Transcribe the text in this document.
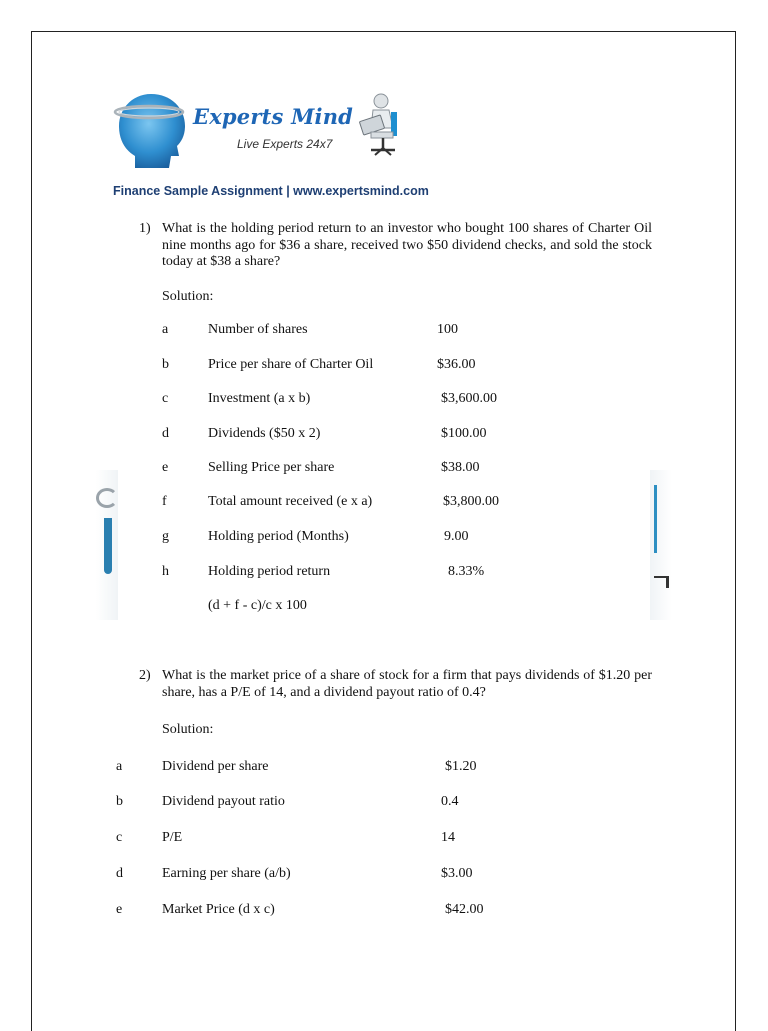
Experts Mind
Live Experts 24x7
Finance Sample Assignment | www.expertsmind.com
1) What is the holding period return to an investor who bought 100 shares of Charter Oil nine months ago for $36 a share, received two $50 dividend checks, and sold the stock today at $38 a share?
Solution:
a	Number of shares	100
b	Price per share of Charter Oil	$36.00
c	Investment (a x b)	$3,600.00
d	Dividends ($50 x 2)	$100.00
e	Selling Price per share	$38.00
f	Total amount received (e x a)	$3,800.00
g	Holding period (Months)	9.00
h	Holding period return	8.33%
(d + f - c)/c x 100
2) What is the market price of a share of stock for a firm that pays dividends of $1.20 per share, has a P/E of 14, and a dividend payout ratio of 0.4?
Solution:
a	Dividend per share	$1.20
b	Dividend payout ratio	0.4
c	P/E	14
d	Earning per share (a/b)	$3.00
e	Market Price (d x c)	$42.00
